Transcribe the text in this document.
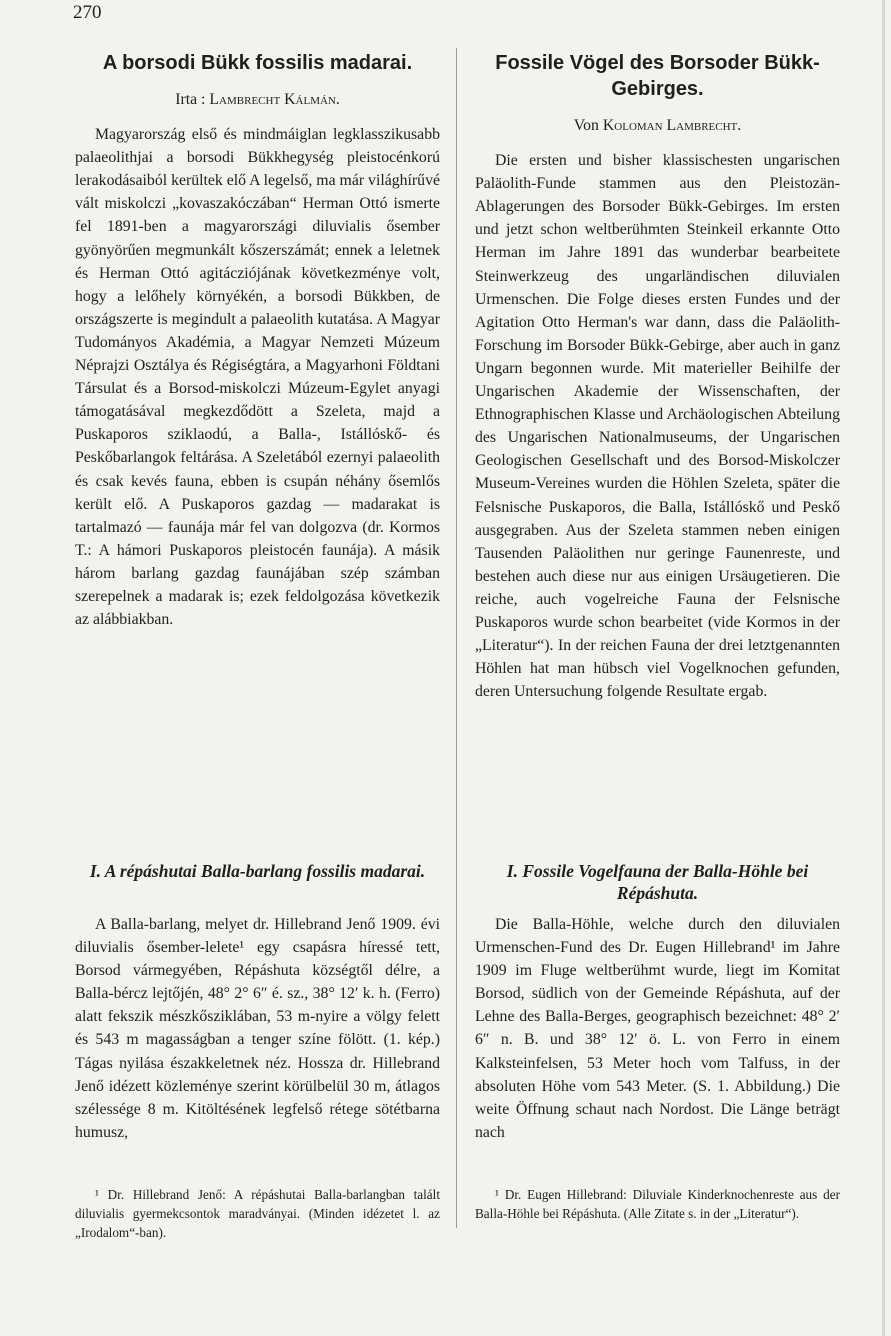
270
A borsodi Bükk fossilis madarai.
Irta : Lambrecht Kálmán.

Magyarország első és mindmáiglan legklasszikusabb palaeolithjai a borsodi Bükkhegység pleistocénkorú lerakodásaiból kerültek elő A legelső, ma már világhírűvé vált miskolczi „kovaszakóczában“ Herman Ottó ismerte fel 1891-ben a magyarországi diluvialis ősember gyönyörűen megmunkált kőszerszámát; ennek a leletnek és Herman Ottó agitácziójának következménye volt, hogy a lelőhely környékén, a borsodi Bükkben, de országszerte is megindult a palaeolith kutatása. A Magyar Tudományos Akadémia, a Magyar Nemzeti Múzeum Néprajzi Osztálya és Régiségtára, a Magyarhoni Földtani Társulat és a Borsod-miskolczi Múzeum-Egylet anyagi támogatásával megkezdődött a Szeleta, majd a Puskaporos sziklaodú, a Balla-, Istállóskő- és Peskőbarlangok feltárása. A Szeletából ezernyi palaeolith és csak kevés fauna, ebben is csupán néhány ősemlős került elő. A Puskaporos gazdag — madarakat is tartalmazó — faunája már fel van dolgozva (dr. Kormos T.: A hámori Puskaporos pleistocén faunája). A másik három barlang gazdag faunájában szép számban szerepelnek a madarak is; ezek feldolgozása következik az alábbiakban.

I. A répáshutai Balla-barlang fossilis madarai.

A Balla-barlang, melyet dr. Hillebrand Jenő 1909. évi diluvialis ősember-lelete¹ egy csapásra híressé tett, Borsod vármegyében, Répáshuta községtől délre, a Balla-bércz lejtőjén, 48° 2° 6″ é. sz., 38° 12′ k. h. (Ferro) alatt fekszik mészkősziklában, 53 m-nyire a völgy felett és 543 m magasságban a tenger színe fölött. (1. kép.) Tágas nyilása északkeletnek néz. Hossza dr. Hillebrand Jenő idézett közleménye szerint körülbelül 30 m, átlagos szélessége 8 m. Kitöltésének legfelső rétege sötétbarna humusz,

¹ Dr. Hillebrand Jenő: A répáshutai Balla-barlangban talált diluvialis gyermekcsontok maradványai. (Minden idézetet l. az „Irodalom“-ban).

Fossile Vögel des Borsoder Bükk-Gebirges.
Von Koloman Lambrecht.

Die ersten und bisher klassischesten ungarischen Paläolith-Funde stammen aus den Pleistozän-Ablagerungen des Borsoder Bükk-Gebirges. Im ersten und jetzt schon weltberühmten Steinkeil erkannte Otto Herman im Jahre 1891 das wunderbar bearbeitete Steinwerkzeug des ungarländischen diluvialen Urmenschen. Die Folge dieses ersten Fundes und der Agitation Otto Herman's war dann, dass die Paläolith-Forschung im Borsoder Bükk-Gebirge, aber auch in ganz Ungarn begonnen wurde. Mit materieller Beihilfe der Ungarischen Akademie der Wissenschaften, der Ethnographischen Klasse und Archäologischen Abteilung des Ungarischen Nationalmuseums, der Ungarischen Geologischen Gesellschaft und des Borsod-Miskolczer Museum-Vereines wurden die Höhlen Szeleta, später die Felsnische Puskaporos, die Balla, Istállóskő und Peskő ausgegraben. Aus der Szeleta stammen neben einigen Tausenden Paläolithen nur geringe Faunenreste, und bestehen auch diese nur aus einigen Ursäugetieren. Die reiche, auch vogelreiche Fauna der Felsnische Puskaporos wurde schon bearbeitet (vide Kormos in der „Literatur“). In der reichen Fauna der drei letztgenannten Höhlen hat man hübsch viel Vogelknochen gefunden, deren Untersuchung folgende Resultate ergab.

I. Fossile Vogelfauna der Balla-Höhle bei Répáshuta.

Die Balla-Höhle, welche durch den diluvialen Urmenschen-Fund des Dr. Eugen Hillebrand¹ im Jahre 1909 im Fluge weltberühmt wurde, liegt im Komitat Borsod, südlich von der Gemeinde Répáshuta, auf der Lehne des Balla-Berges, geographisch bezeichnet: 48° 2′ 6″ n. B. und 38° 12′ ö. L. von Ferro in einem Kalksteinfelsen, 53 Meter hoch vom Talfuss, in der absoluten Höhe vom 543 Meter. (S. 1. Abbildung.) Die weite Öffnung schaut nach Nordost. Die Länge beträgt nach

¹ Dr. Eugen Hillebrand: Diluviale Kinderknochenreste aus der Balla-Höhle bei Répáshuta. (Alle Zitate s. in der „Literatur“).
